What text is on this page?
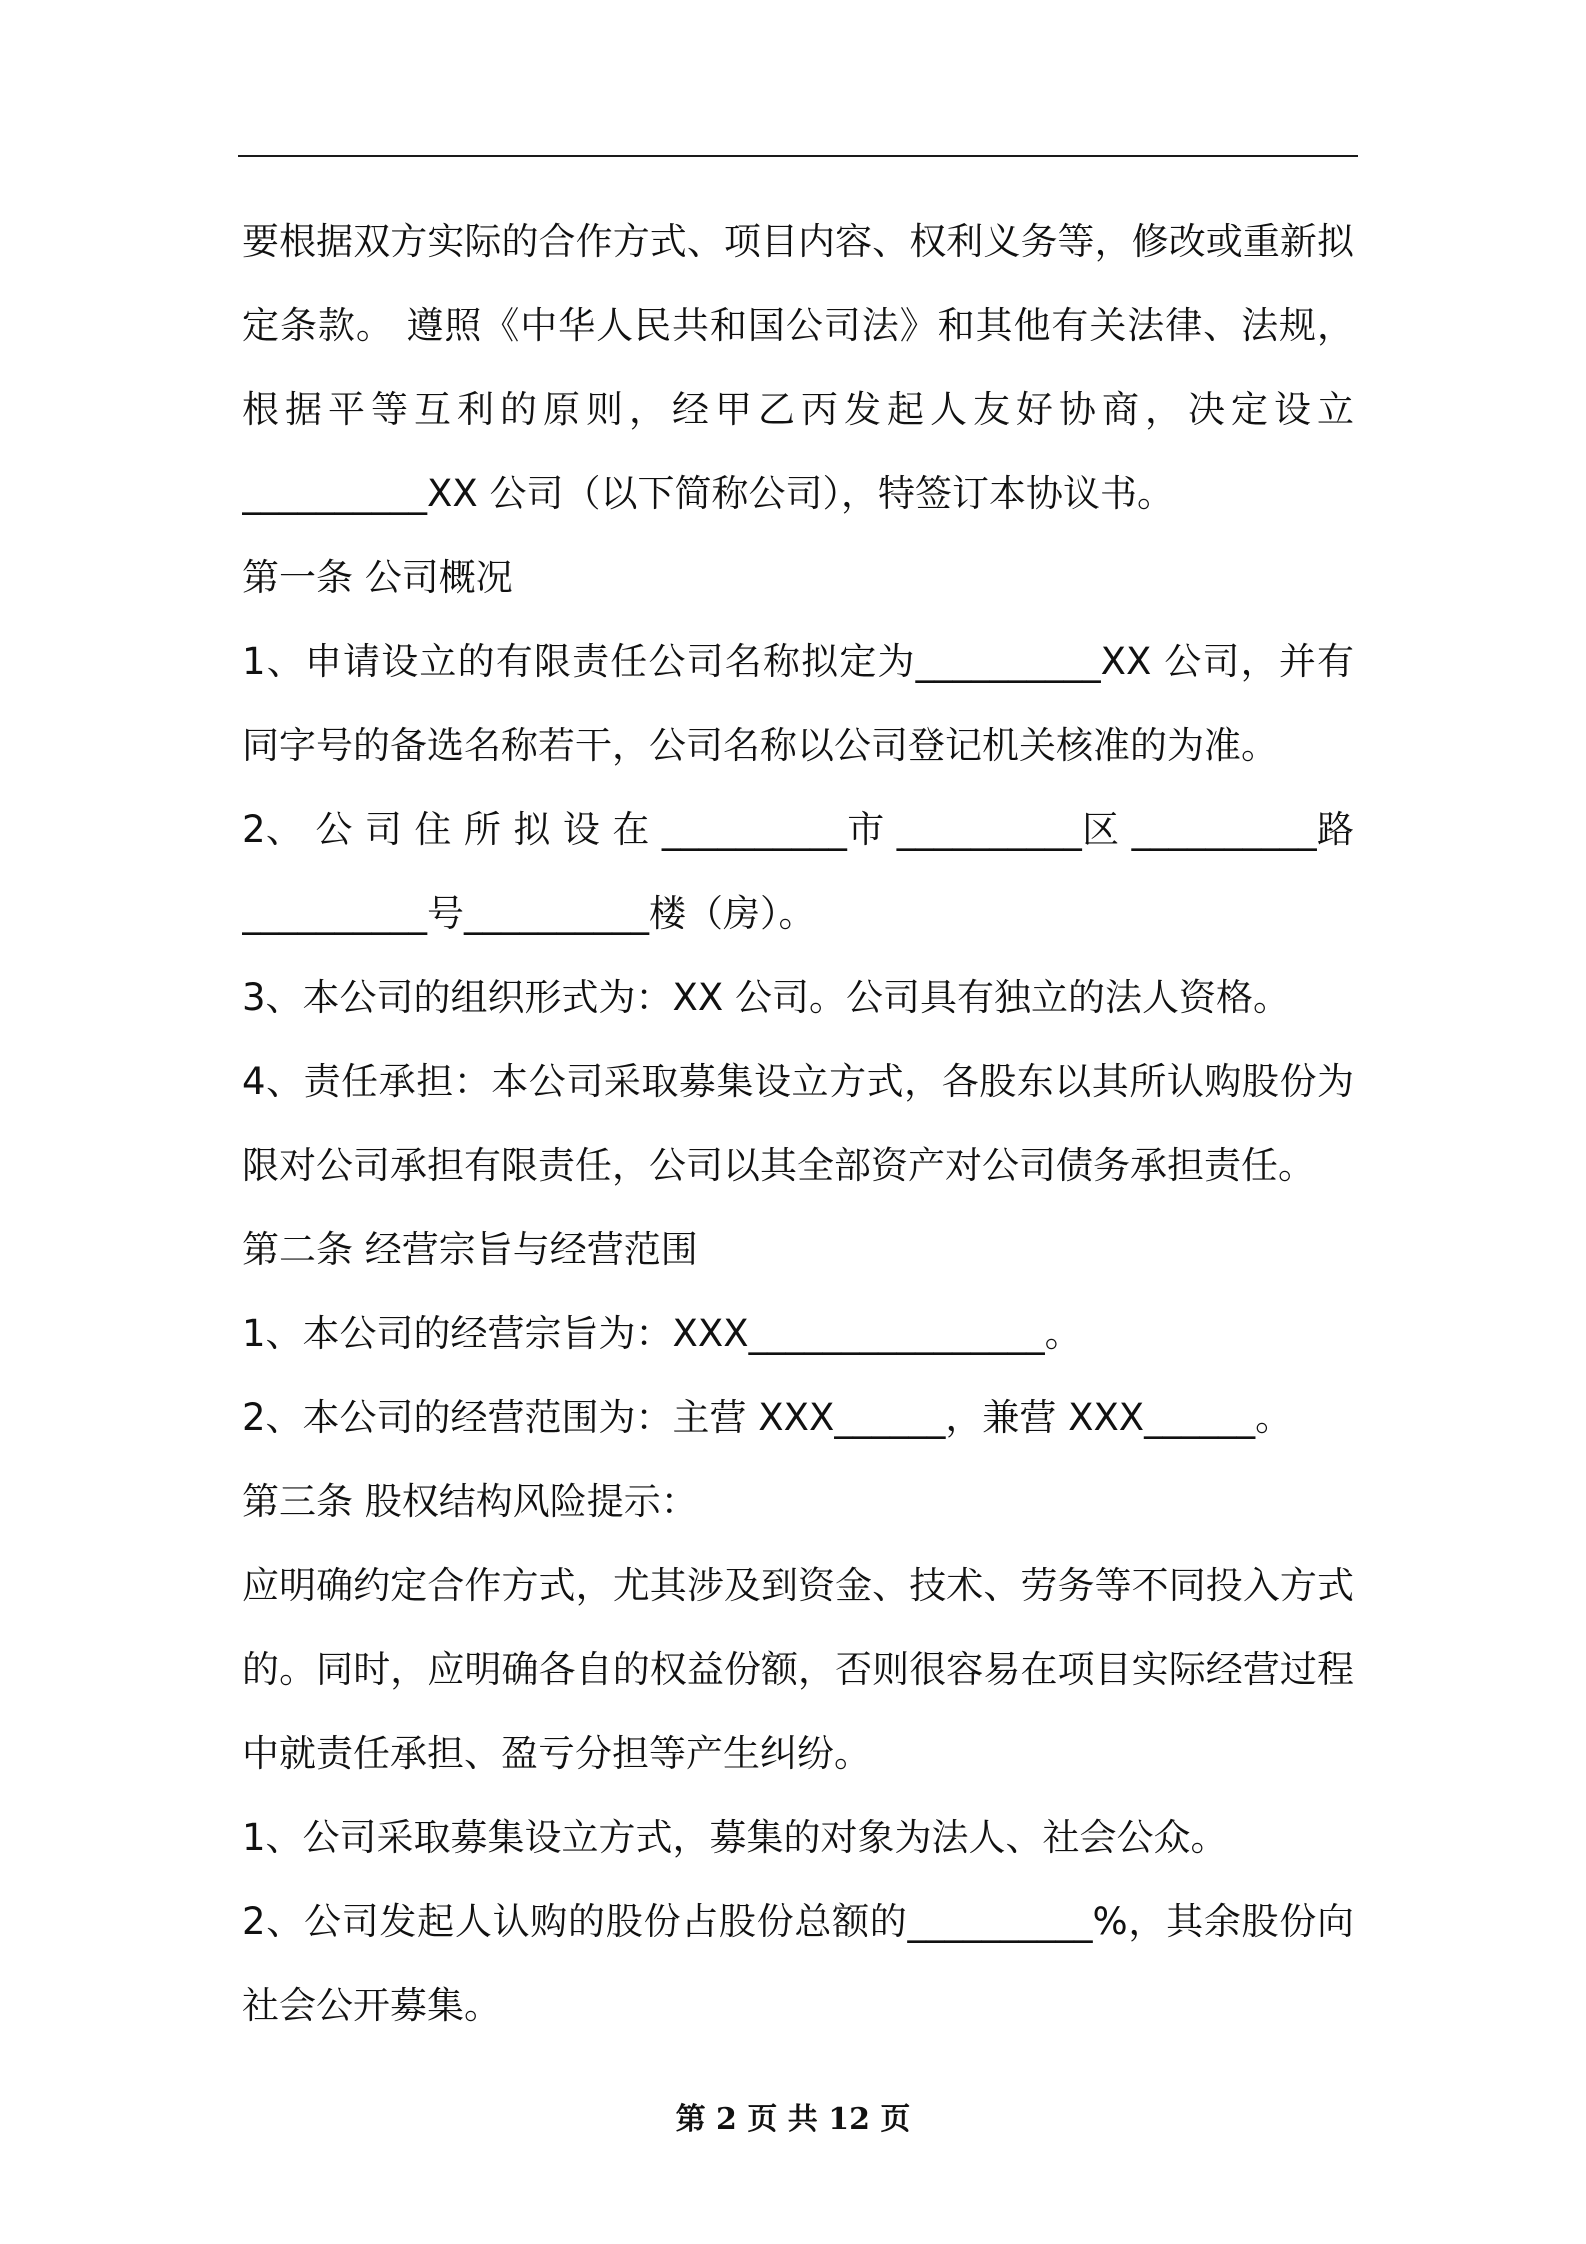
要根据双方实际的合作方式、项目内容、权利义务等，修改或重新拟
定条款。 遵照《中华人民共和国公司法》和其他有关法律、法规，
根据平等互利的原则，经甲乙丙发起人友好协商，决定设立
__________XX 公司（以下简称公司），特签订本协议书。
第一条 公司概况
1、申请设立的有限责任公司名称拟定为__________XX 公司，并有
同字号的备选名称若干，公司名称以公司登记机关核准的为准。
2、 公 司 住 所 拟 设 在 __________市 __________区 __________路
__________号__________楼（房）。
3、本公司的组织形式为：XX 公司。公司具有独立的法人资格。
4、责任承担：本公司采取募集设立方式，各股东以其所认购股份为
限对公司承担有限责任，公司以其全部资产对公司债务承担责任。
第二条 经营宗旨与经营范围
1、本公司的经营宗旨为：XXX________________。
2、本公司的经营范围为：主营 XXX______，兼营 XXX______。
第三条 股权结构风险提示：
应明确约定合作方式，尤其涉及到资金、技术、劳务等不同投入方式
的。同时，应明确各自的权益份额，否则很容易在项目实际经营过程
中就责任承担、盈亏分担等产生纠纷。
1、公司采取募集设立方式，募集的对象为法人、社会公众。
2、公司发起人认购的股份占股份总额的__________%，其余股份向
社会公开募集。
第 2 页 共 12 页
